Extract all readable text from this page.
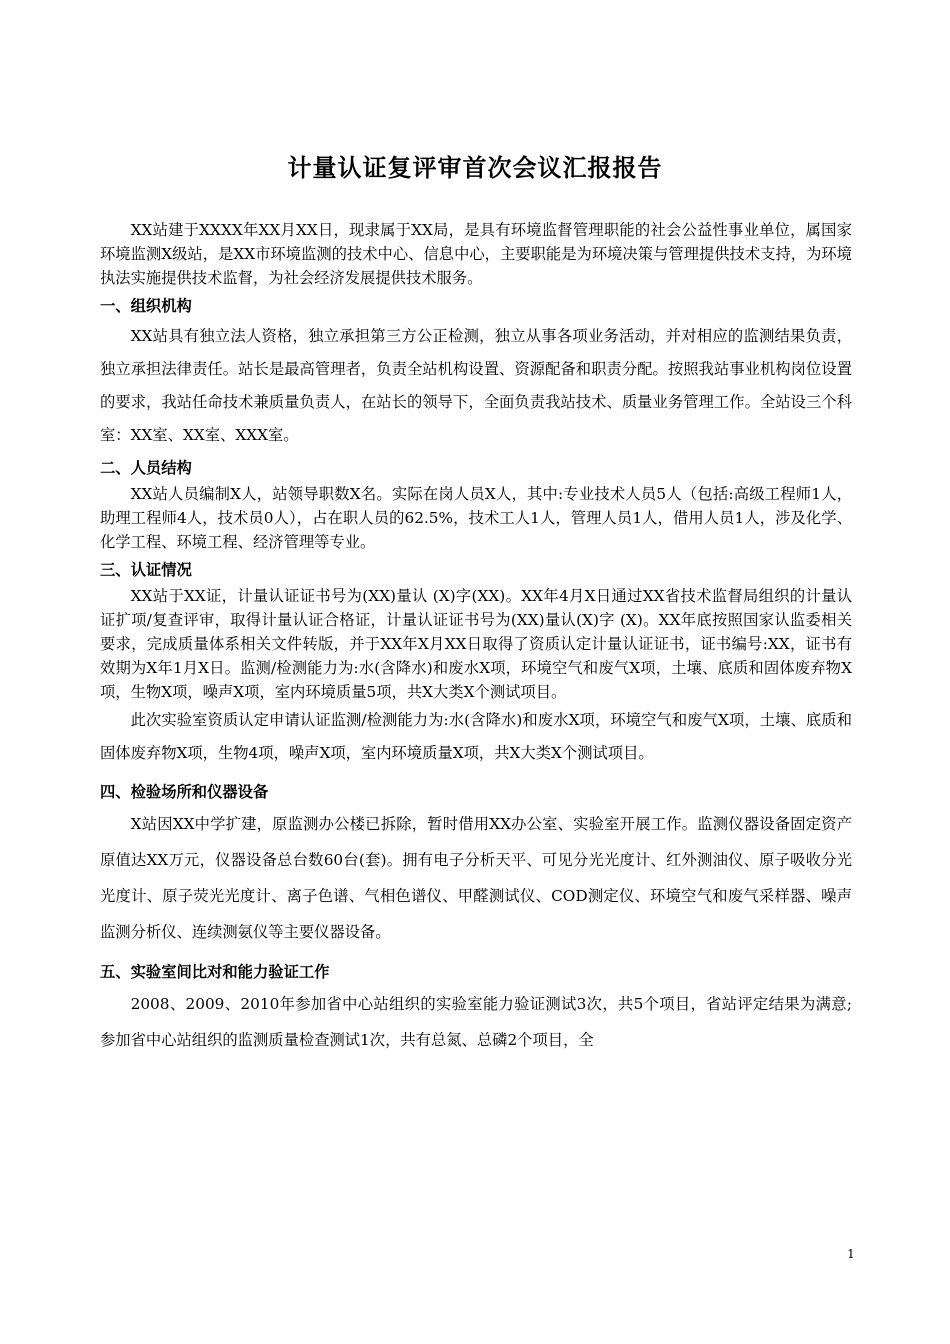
计量认证复评审首次会议汇报报告

XX站建于XXXX年XX月XX日，现隶属于XX局，是具有环境监督管理职能的社会公益性事业单位，属国家环境监测X级站，是XX市环境监测的技术中心、信息中心，主要职能是为环境决策与管理提供技术支持，为环境执法实施提供技术监督，为社会经济发展提供技术服务。

一、组织机构

XX站具有独立法人资格，独立承担第三方公正检测，独立从事各项业务活动，并对相应的监测结果负责，独立承担法律责任。站长是最高管理者，负责全站机构设置、资源配备和职责分配。按照我站事业机构岗位设置的要求，我站任命技术兼质量负责人，在站长的领导下，全面负责我站技术、质量业务管理工作。全站设三个科室：XX室、XX室、XXX室。

二、人员结构

XX站人员编制X人，站领导职数X名。实际在岗人员X人，其中:专业技术人员5人（包括:高级工程师1人，助理工程师4人，技术员0人），占在职人员的62.5%，技术工人1人，管理人员1人，借用人员1人，涉及化学、化学工程、环境工程、经济管理等专业。

三、认证情况

XX站于XX证，计量认证证书号为(XX)量认 (X)字(XX)。XX年4月X日通过XX省技术监督局组织的计量认证扩项/复查评审，取得计量认证合格证，计量认证证书号为(XX)量认(X)字 (X)。XX年底按照国家认监委相关要求，完成质量体系相关文件转版，并于XX年X月XX日取得了资质认定计量认证证书，证书编号:XX，证书有效期为X年1月X日。监测/检测能力为:水(含降水)和废水X项，环境空气和废气X项，土壤、底质和固体废弃物X项，生物X项，噪声X项，室内环境质量5项，共X大类X个测试项目。

此次实验室资质认定申请认证监测/检测能力为:水(含降水)和废水X项，环境空气和废气X项，土壤、底质和固体废弃物X项，生物4项，噪声X项，室内环境质量X项，共X大类X个测试项目。

四、检验场所和仪器设备

X站因XX中学扩建，原监测办公楼已拆除，暂时借用XX办公室、实验室开展工作。监测仪器设备固定资产原值达XX万元，仪器设备总台数60台(套)。拥有电子分析天平、可见分光光度计、红外测油仪、原子吸收分光光度计、原子荧光光度计、离子色谱、气相色谱仪、甲醛测试仪、COD测定仪、环境空气和废气采样器、噪声监测分析仪、连续测氨仪等主要仪器设备。

五、实验室间比对和能力验证工作

2008、2009、2010年参加省中心站组织的实验室能力验证测试3次，共5个项目，省站评定结果为满意;参加省中心站组织的监测质量检查测试1次，共有总氮、总磷2个项目，全

1
